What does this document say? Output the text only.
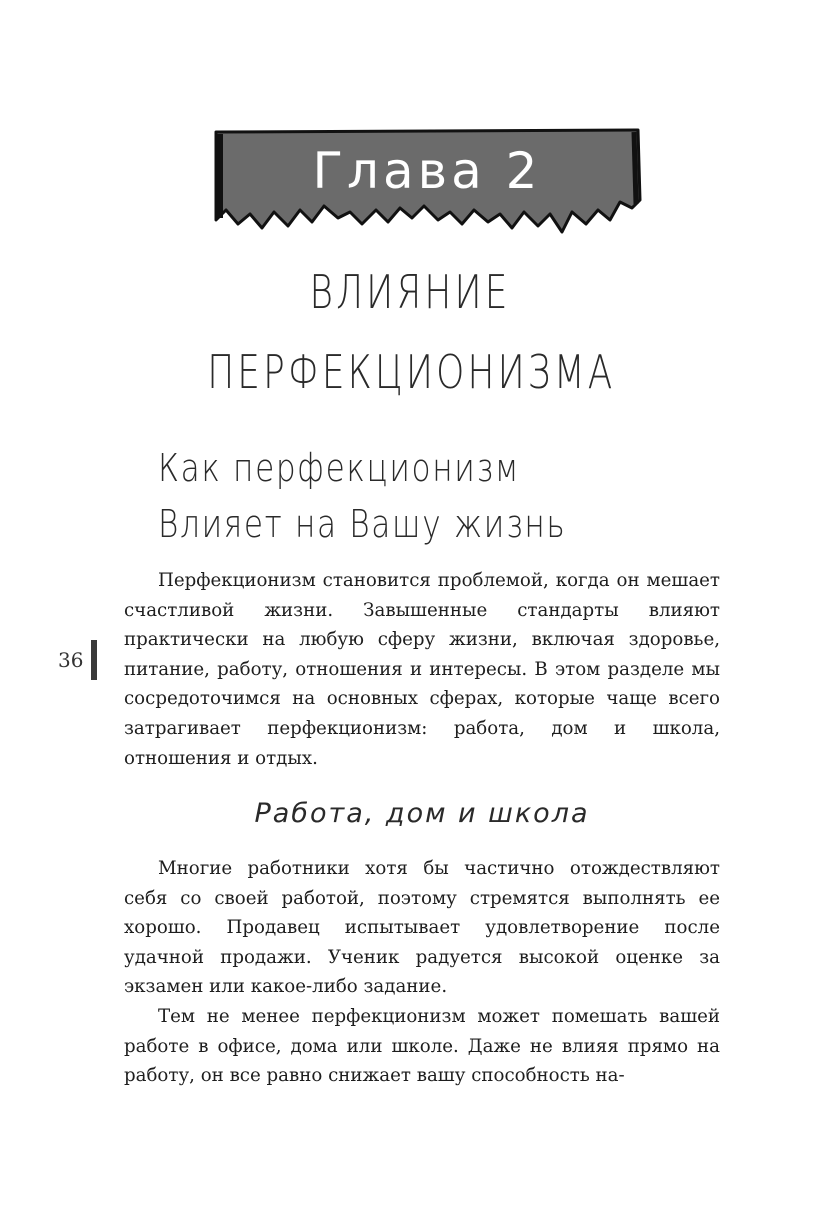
Глава 2
ВЛИЯНИЕ
ПЕРФЕКЦИОНИЗМА
Как перфекционизм
Влияет на Вашу жизнь

Перфекционизм становится проблемой, когда он мешает счастливой жизни. Завышенные стандарты влияют практически на любую сферу жизни, включая здоровье, питание, работу, отношения и интересы. В этом разделе мы сосредоточимся на основных сферах, которые чаще всего затрагивает перфекционизм: работа, дом и школа, отношения и отдых.

Работа, дом и школа

Многие работники хотя бы частично отождествляют себя со своей работой, поэтому стремятся выполнять ее хорошо. Продавец испытывает удовлетворение после удачной продажи. Ученик радуется высокой оценке за экзамен или какое-либо задание.

Тем не менее перфекционизм может помешать вашей работе в офисе, дома или школе. Даже не влияя прямо на работу, он все равно снижает вашу способность на-

36
